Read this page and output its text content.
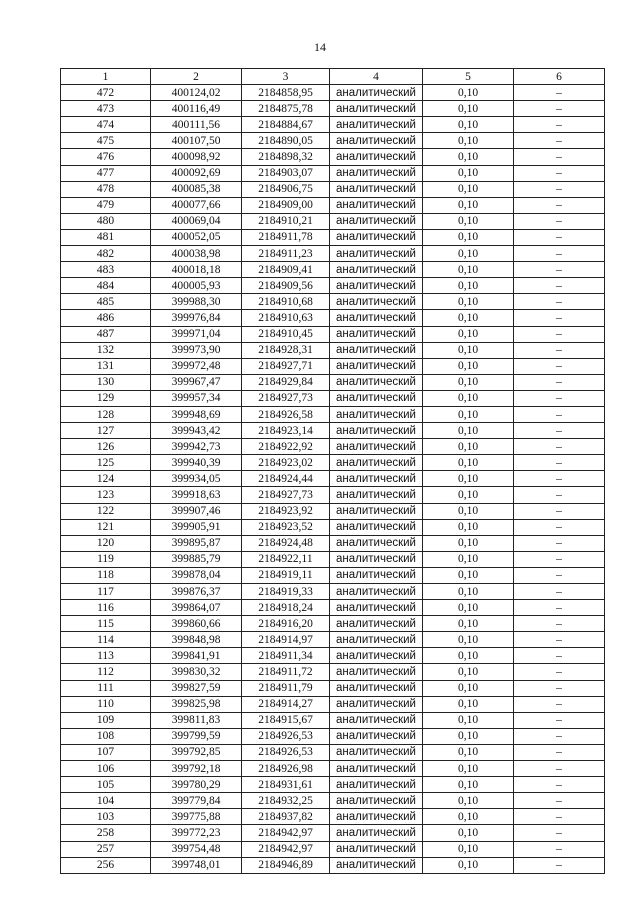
14
1	2	3	4	5	6
472	400124,02	2184858,95	аналитический	0,10	–
473	400116,49	2184875,78	аналитический	0,10	–
474	400111,56	2184884,67	аналитический	0,10	–
475	400107,50	2184890,05	аналитический	0,10	–
476	400098,92	2184898,32	аналитический	0,10	–
477	400092,69	2184903,07	аналитический	0,10	–
478	400085,38	2184906,75	аналитический	0,10	–
479	400077,66	2184909,00	аналитический	0,10	–
480	400069,04	2184910,21	аналитический	0,10	–
481	400052,05	2184911,78	аналитический	0,10	–
482	400038,98	2184911,23	аналитический	0,10	–
483	400018,18	2184909,41	аналитический	0,10	–
484	400005,93	2184909,56	аналитический	0,10	–
485	399988,30	2184910,68	аналитический	0,10	–
486	399976,84	2184910,63	аналитический	0,10	–
487	399971,04	2184910,45	аналитический	0,10	–
132	399973,90	2184928,31	аналитический	0,10	–
131	399972,48	2184927,71	аналитический	0,10	–
130	399967,47	2184929,84	аналитический	0,10	–
129	399957,34	2184927,73	аналитический	0,10	–
128	399948,69	2184926,58	аналитический	0,10	–
127	399943,42	2184923,14	аналитический	0,10	–
126	399942,73	2184922,92	аналитический	0,10	–
125	399940,39	2184923,02	аналитический	0,10	–
124	399934,05	2184924,44	аналитический	0,10	–
123	399918,63	2184927,73	аналитический	0,10	–
122	399907,46	2184923,92	аналитический	0,10	–
121	399905,91	2184923,52	аналитический	0,10	–
120	399895,87	2184924,48	аналитический	0,10	–
119	399885,79	2184922,11	аналитический	0,10	–
118	399878,04	2184919,11	аналитический	0,10	–
117	399876,37	2184919,33	аналитический	0,10	–
116	399864,07	2184918,24	аналитический	0,10	–
115	399860,66	2184916,20	аналитический	0,10	–
114	399848,98	2184914,97	аналитический	0,10	–
113	399841,91	2184911,34	аналитический	0,10	–
112	399830,32	2184911,72	аналитический	0,10	–
111	399827,59	2184911,79	аналитический	0,10	–
110	399825,98	2184914,27	аналитический	0,10	–
109	399811,83	2184915,67	аналитический	0,10	–
108	399799,59	2184926,53	аналитический	0,10	–
107	399792,85	2184926,53	аналитический	0,10	–
106	399792,18	2184926,98	аналитический	0,10	–
105	399780,29	2184931,61	аналитический	0,10	–
104	399779,84	2184932,25	аналитический	0,10	–
103	399775,88	2184937,82	аналитический	0,10	–
258	399772,23	2184942,97	аналитический	0,10	–
257	399754,48	2184942,97	аналитический	0,10	–
256	399748,01	2184946,89	аналитический	0,10	–
